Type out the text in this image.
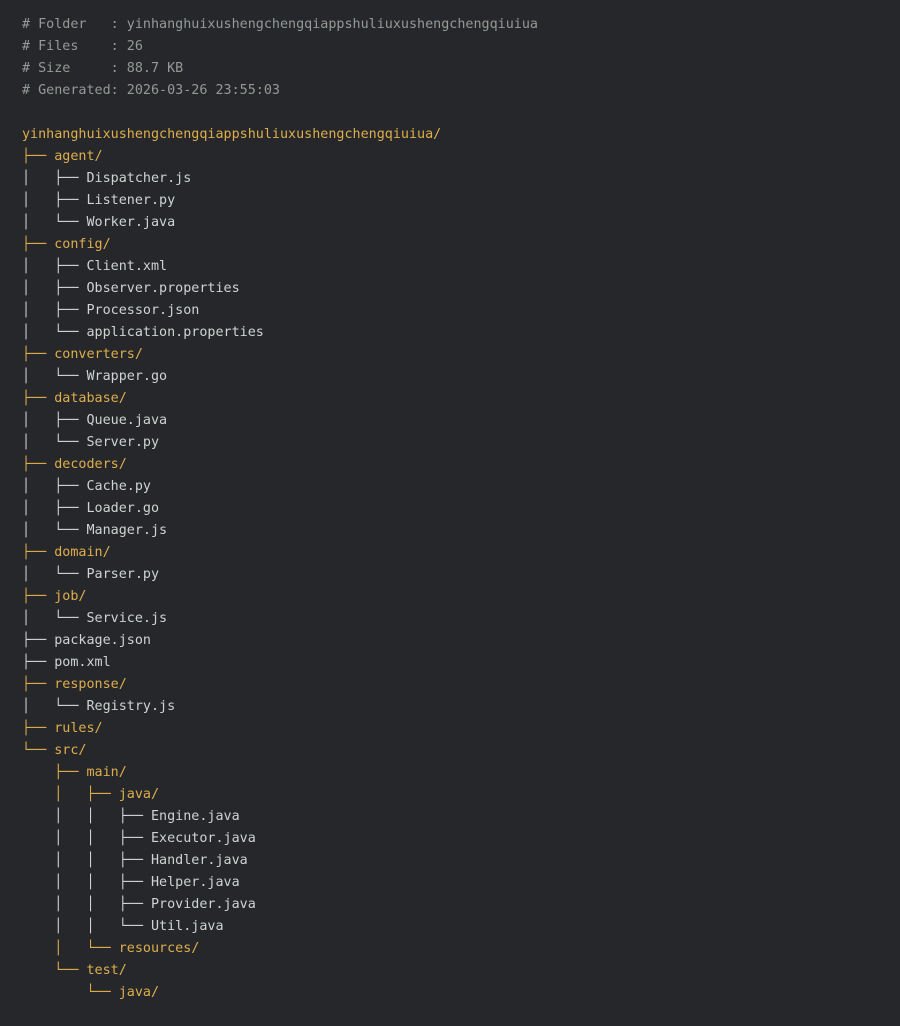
# Folder   : yinhanghuixushengchengqiappshuliuxushengchengqiuiua
# Files    : 26
# Size     : 88.7 KB
# Generated: 2026-03-26 23:55:03

yinhanghuixushengchengqiappshuliuxushengchengqiuiua/
├── agent/
│   ├── Dispatcher.js
│   ├── Listener.py
│   └── Worker.java
├── config/
│   ├── Client.xml
│   ├── Observer.properties
│   ├── Processor.json
│   └── application.properties
├── converters/
│   └── Wrapper.go
├── database/
│   ├── Queue.java
│   └── Server.py
├── decoders/
│   ├── Cache.py
│   ├── Loader.go
│   └── Manager.js
├── domain/
│   └── Parser.py
├── job/
│   └── Service.js
├── package.json
├── pom.xml
├── response/
│   └── Registry.js
├── rules/
└── src/
├── main/
│   ├── java/
│   │   ├── Engine.java
│   │   ├── Executor.java
│   │   ├── Handler.java
│   │   ├── Helper.java
│   │   ├── Provider.java
│   │   └── Util.java
│   └── resources/
└── test/
└── java/
